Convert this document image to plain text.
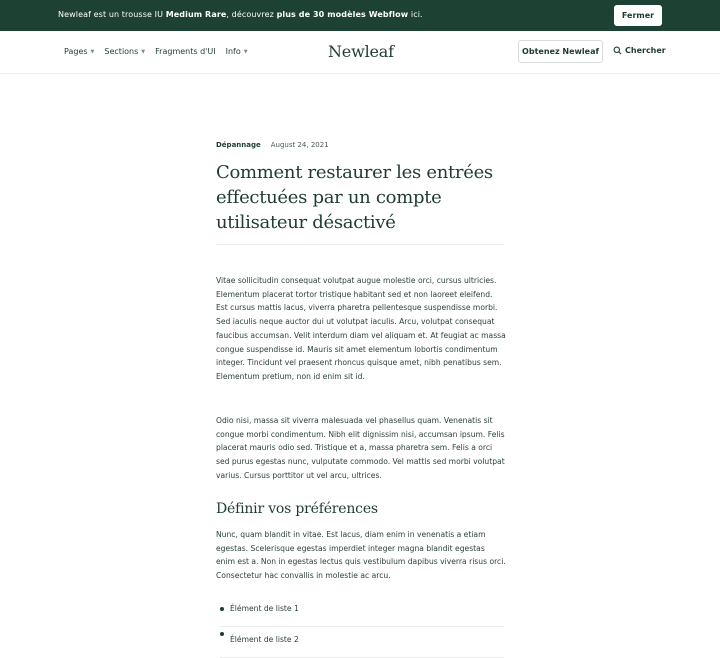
Newleaf est un trousse IU Medium Rare, découvrez plus de 30 modèles Webflow ici.	Fermer
Pages ▼ Sections ▼ Fragments d'UI Info ▼	Newleaf	Obtenez Newleaf	Chercher
Dépannage August 24, 2021
Comment restaurer les entrées effectuées par un compte utilisateur désactivé

Vitae sollicitudin consequat volutpat augue molestie orci, cursus ultricies. Elementum placerat tortor tristique habitant sed et non laoreet eleifend. Est cursus mattis lacus, viverra pharetra pellentesque suspendisse morbi. Sed iaculis neque auctor dui ut volutpat iaculis. Arcu, volutpat consequat faucibus accumsan. Velit interdum diam vel aliquam et. At feugiat ac massa congue suspendisse id. Mauris sit amet elementum lobortis condimentum integer. Tincidunt vel praesent rhoncus quisque amet, nibh penatibus sem. Elementum pretium, non id enim sit id.

Odio nisi, massa sit viverra malesuada vel phasellus quam. Venenatis sit congue morbi condimentum. Nibh elit dignissim nisi, accumsan ipsum. Felis placerat mauris odio sed. Tristique et a, massa pharetra sem. Felis a orci sed purus egestas nunc, vulputate commodo. Vel mattis sed morbi volutpat varius. Cursus porttitor ut vel arcu, ultrices.

Définir vos préférences

Nunc, quam blandit in vitae. Est lacus, diam enim in venenatis a etiam egestas. Scelerisque egestas imperdiet integer magna blandit egestas enim est a. Non in egestas lectus quis vestibulum dapibus viverra risus orci. Consectetur hac convallis in molestie ac arcu.

Élément de liste 1
Élément de liste 2
